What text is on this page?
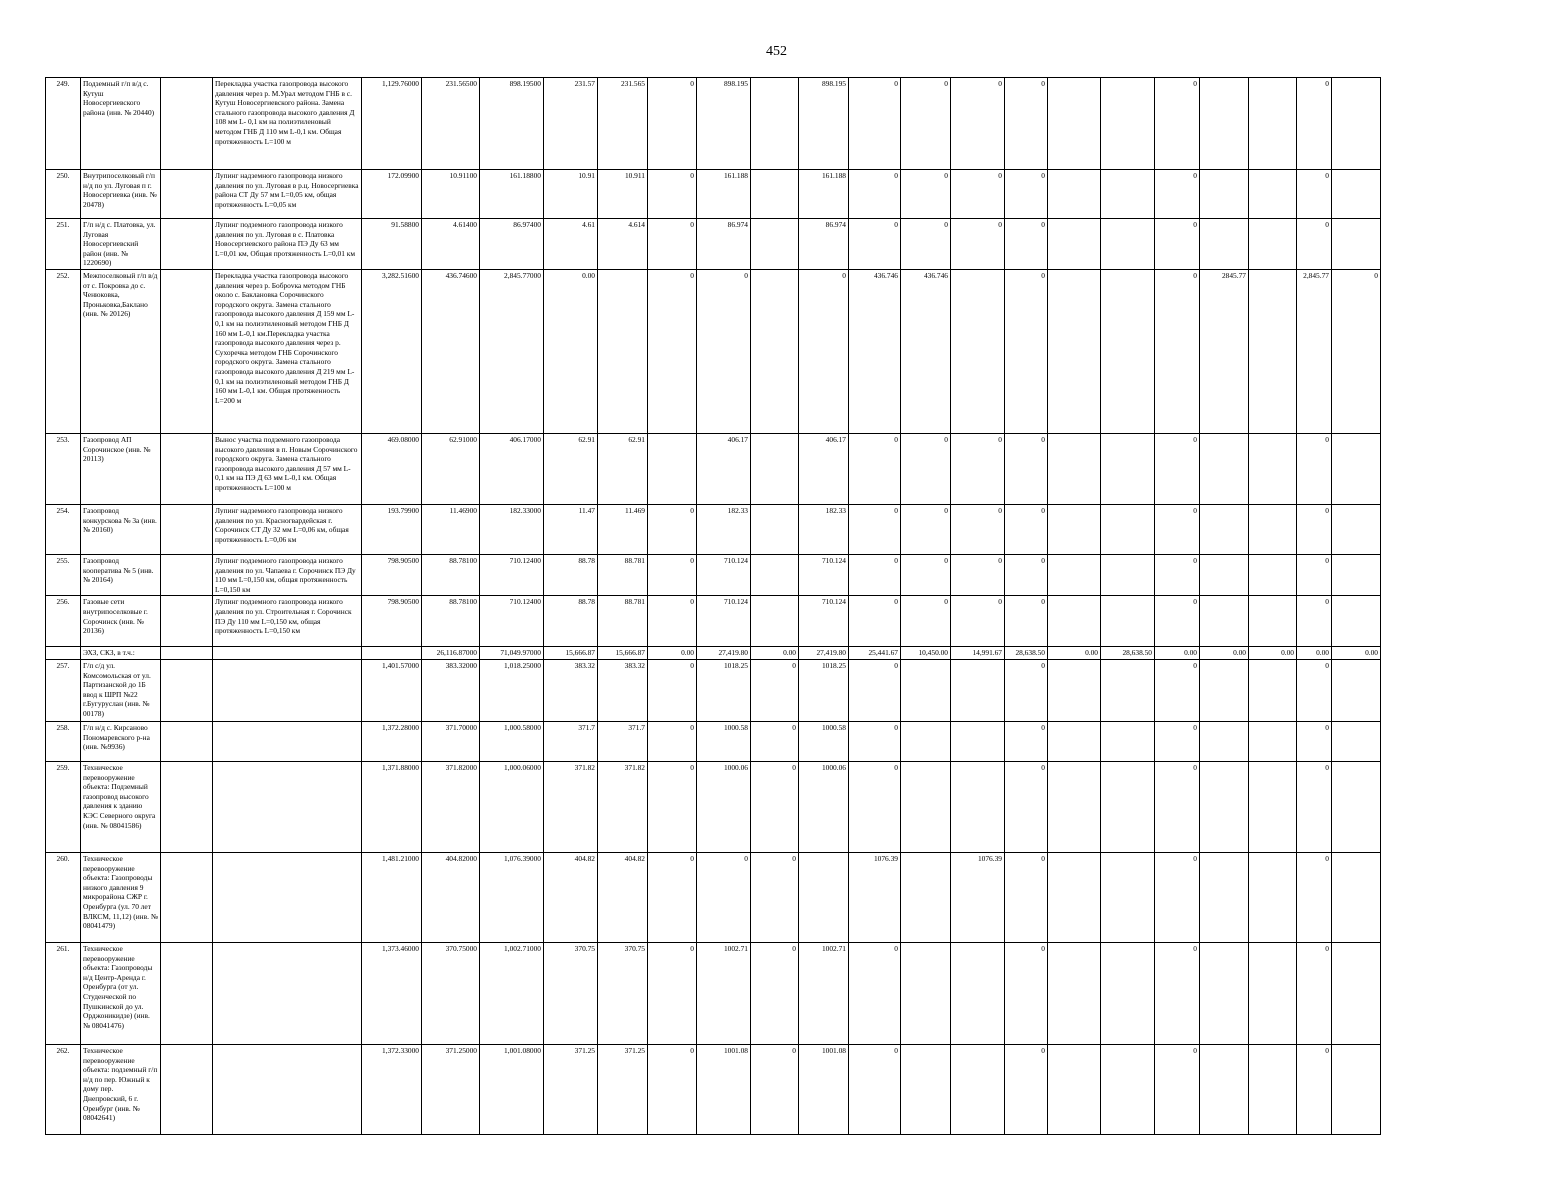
452
249.	Подземный г/п в/д с. Кутуш Новосергиевского района (инв. № 20440)		Перекладка участка газопровода высокого давления через р. М.Урал методом ГНБ в с. Кутуш Новосергиевского района. Замена стального газопровода высокого давления Д 108 мм L- 0,1 км на полиэтиленовый методом ГНБ Д 110 мм L-0,1 км. Общая протяженность L=100 м	1,129.76000	231.56500	898.19500	231.57	231.565	0	898.195		898.195	0	0	0	0			0			0		
250.	Внутрипоселковый г/п н/д по ул. Луговая п г. Новосергиевка (инв. № 20478)		Лупинг надземного газопровода низкого давления по ул. Луговая в р.ц. Новосергиевка района СТ Ду 57 мм L=0,05 км, общая протяженность L=0,05 км	172.09900	10.91100	161.18800	10.91	10.911	0	161.188		161.188	0	0	0	0			0			0		
251.	Г/п н/д с. Платовка, ул. Луговая Новосергиевский район (инв. № 1220690)		Лупинг подземного газопровода низкого давления по ул. Луговая в с. Платовка Новосергиевского района ПЭ Ду 63 мм L=0,01 км, Общая протяженность L=0,01 км	91.58800	4.61400	86.97400	4.61	4.614	0	86.974		86.974	0	0	0	0			0			0		
252.	Межпоселковый г/п в/д от с. Покровка до с. Ченюковка, Проньковка,Баклано (инв. № 20126)		Перекладка участка газопровода высокого давления через р. Боброvка методом ГНБ около с. Баклановка Сорочинского городского округа. Замена стального газопровода высокого давления Д 159 мм L- 0,1 км на полиэтиленовый методом ГНБ Д 160 мм L-0,1 км.Перекладка участка газопровода высокого давления через р. Сухоречка методом ГНБ Сорочинского городского округа. Замена стального газопровода высокого давления Д 219 мм L- 0,1 км на полиэтиленовый методом ГНБ Д 160 мм L-0,1 км. Общая протяженность L=200 м	3,282.51600	436.74600	2,845.77000	0.00		0	0		0	436.746	436.746		0			0	2845.77		2,845.77	0	
253.	Газопровод АП Сорочинское (инв. № 20113)		Вынос участка подземного газопровода высокого давления в п. Новым Сорочинского городского округа. Замена стального газопровода высокого давления Д 57 мм L- 0,1 км на ПЭ Д 63 мм L-0,1 км. Общая протяженность L=100 м	469.08000	62.91000	406.17000	62.91	62.91		406.17		406.17	0	0	0	0			0			0		
254.	Газопровод конкурскова № 3а (инв. № 20160)		Лупинг надземного газопровода низкого давления по ул. Красногвардейская г. Сорочинск СТ Ду 32 мм L=0,06 км, общая протяженность L=0,06 км	193.79900	11.46900	182.33000	11.47	11.469	0	182.33		182.33	0	0	0	0			0			0		
255.	Газопровод кооператива № 5 (инв. № 20164)		Лупинг подземного газопровода низкого давления по ул. Чапаева г. Сорочинск ПЭ Ду 110 мм L=0,150 км, общая протяженность L=0,150 км	798.90500	88.78100	710.12400	88.78	88.781	0	710.124		710.124	0	0	0	0			0			0		
256.	Газовые сети внутрипоселковые г. Сорочинск (инв. № 20136)		Лупинг подземного газопровода низкого давления по ул. Строительная г. Сорочинск ПЭ Ду 110 мм L=0,150 км, общая протяженность L=0,150 км	798.90500	88.78100	710.12400	88.78	88.781	0	710.124		710.124	0	0	0	0			0			0		
	ЭХЗ, СКЗ, в т.ч.:				26,116.87000	71,049.97000	15,666.87	15,666.87	0.00	27,419.80	0.00	27,419.80	25,441.67	10,450.00	14,991.67	28,638.50	0.00	28,638.50	0.00	0.00	0.00	0.00	0.00	
257.	Г/п с/д ул. Комсомольская от ул. Партизанской до 1Б ввод к ШРП №22 г.Бугуруслан (инв. № 00178)			1,401.57000	383.32000	1,018.25000	383.32	383.32	0	1018.25	0	1018.25	0			0			0			0		
258.	Г/п н/д с. Кирсаново Пономаревского р-на (инв. №9936)			1,372.28000	371.70000	1,000.58000	371.7	371.7	0	1000.58	0	1000.58	0			0			0			0		
259.	Техническое перевооружение объекта: Подземный газопровод высокого давления к зданию КЭС Северного округа (инв. № 08041586)			1,371.88000	371.82000	1,000.06000	371.82	371.82	0	1000.06	0	1000.06	0			0			0			0		
260.	Техническое перевооружение объекта: Газопроводы низкого давления 9 микрорайона СЖР г. Оренбурга (ул. 70 лет ВЛКСМ, 11,12) (инв. № 08041479)			1,481.21000	404.82000	1,076.39000	404.82	404.82	0	0	0		1076.39		1076.39	0			0			0		
261.	Техническое перевооружение объекта: Газопроводы н/д Центр-Аренда г. Оренбурга (от ул. Студенческой по Пушкинской до ул. Орджоникидзе) (инв. № 08041476)			1,373.46000	370.75000	1,002.71000	370.75	370.75	0	1002.71	0	1002.71	0			0			0			0		
262.	Техническое перевооружение объекта: подземный г/п н/д по пер. Южный к дому пер. Днепровский, 6 г. Оренбург (инв. № 08042641)			1,372.33000	371.25000	1,001.08000	371.25	371.25	0	1001.08	0	1001.08	0			0			0			0		
